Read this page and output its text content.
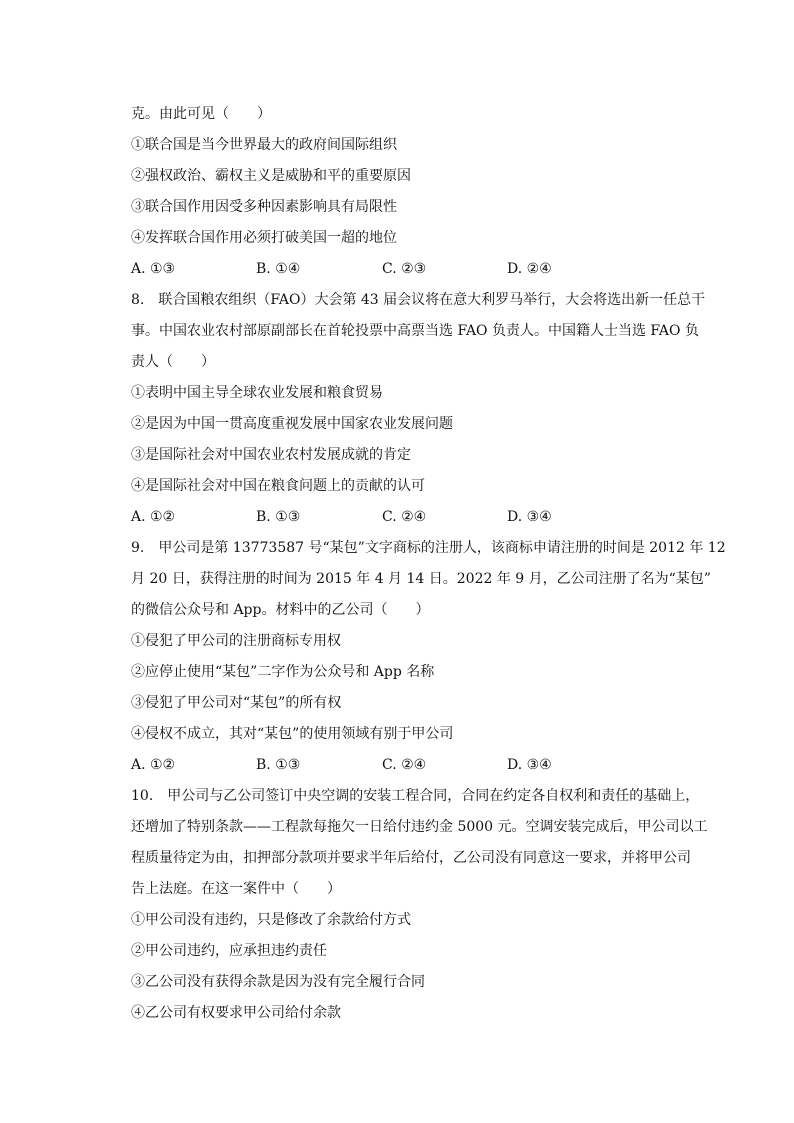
克。由此可见（　　）
①联合国是当今世界最大的政府间国际组织
②强权政治、霸权主义是威胁和平的重要原因
③联合国作用因受多种因素影响具有局限性
④发挥联合国作用必须打破美国一超的地位
A. ①③	B. ①④	C. ②③	D. ②④
8.　联合国粮农组织（FAO）大会第 43 届会议将在意大利罗马举行，大会将选出新一任总干
事。中国农业农村部原副部长在首轮投票中高票当选 FAO 负责人。中国籍人士当选 FAO 负
责人（　　）
①表明中国主导全球农业发展和粮食贸易
②是因为中国一贯高度重视发展中国家农业发展问题
③是国际社会对中国农业农村发展成就的肯定
④是国际社会对中国在粮食问题上的贡献的认可
A. ①②	B. ①③	C. ②④	D. ③④
9.　甲公司是第 13773587 号“某包”文字商标的注册人，该商标申请注册的时间是 2012 年 12
月 20 日，获得注册的时间为 2015 年 4 月 14 日。2022 年 9 月，乙公司注册了名为“某包”
的微信公众号和 App。材料中的乙公司（　　）
①侵犯了甲公司的注册商标专用权
②应停止使用“某包”二字作为公众号和 App 名称
③侵犯了甲公司对“某包”的所有权
④侵权不成立，其对“某包”的使用领域有别于甲公司
A. ①②	B. ①③	C. ②④	D. ③④
10.　甲公司与乙公司签订中央空调的安装工程合同，合同在约定各自权利和责任的基础上，
还增加了特别条款——工程款每拖欠一日给付违约金 5000 元。空调安装完成后，甲公司以工
程质量待定为由，扣押部分款项并要求半年后给付，乙公司没有同意这一要求，并将甲公司
告上法庭。在这一案件中（　　）
①甲公司没有违约，只是修改了余款给付方式
②甲公司违约，应承担违约责任
③乙公司没有获得余款是因为没有完全履行合同
④乙公司有权要求甲公司给付余款
